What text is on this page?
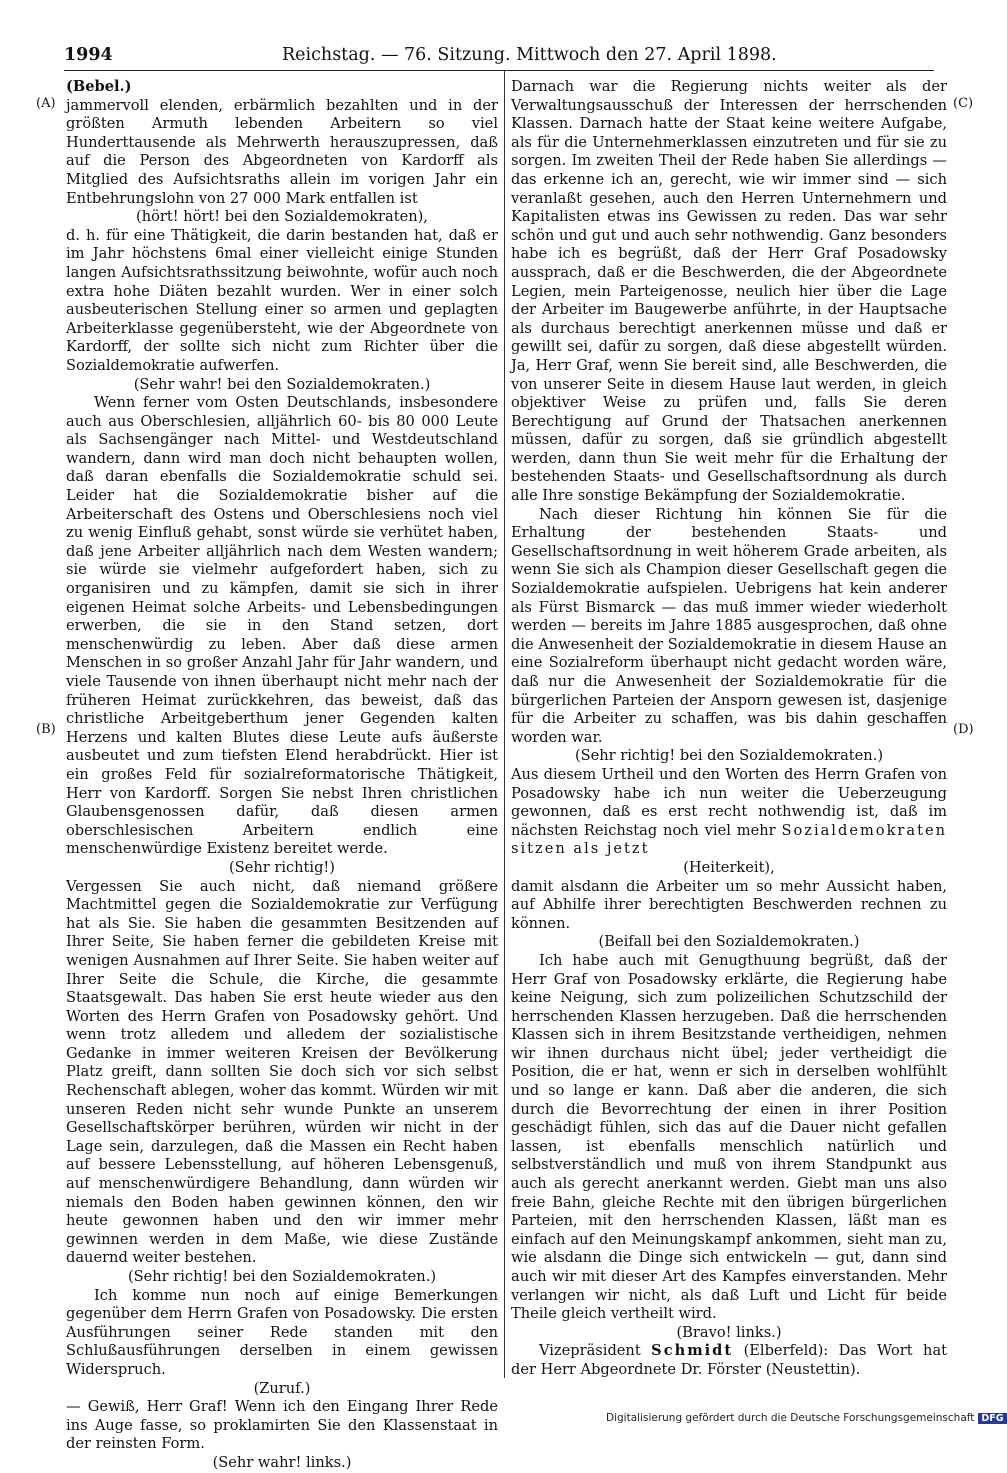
1994	Reichstag. — 76. Sitzung. Mittwoch den 27. April 1898.
(A)
(B)
(C)
(D)

(Bebel.)

jammervoll elenden, erbärmlich bezahlten und in der größten Armuth lebenden Arbeitern so viel Hunderttausende als Mehrwerth herauszupressen, daß auf die Person des Abgeordneten von Kardorff als Mitglied des Aufsichtsraths allein im vorigen Jahr ein Entbehrungslohn von 27 000 Mark entfallen ist

(hört! hört! bei den Sozialdemokraten),

d. h. für eine Thätigkeit, die darin bestanden hat, daß er im Jahr höchstens 6mal einer vielleicht einige Stunden langen Aufsichtsrathssitzung beiwohnte, wofür auch noch extra hohe Diäten bezahlt wurden. Wer in einer solch ausbeuterischen Stellung einer so armen und geplagten Arbeiterklasse gegenübersteht, wie der Abgeordnete von Kardorff, der sollte sich nicht zum Richter über die Sozialdemokratie aufwerfen.

(Sehr wahr! bei den Sozialdemokraten.)

Wenn ferner vom Osten Deutschlands, insbesondere auch aus Oberschlesien, alljährlich 60- bis 80 000 Leute als Sachsengänger nach Mittel- und Westdeutschland wandern, dann wird man doch nicht behaupten wollen, daß daran ebenfalls die Sozialdemokratie schuld sei. Leider hat die Sozialdemokratie bisher auf die Arbeiterschaft des Ostens und Oberschlesiens noch viel zu wenig Einfluß gehabt, sonst würde sie verhütet haben, daß jene Arbeiter alljährlich nach dem Westen wandern; sie würde sie vielmehr aufgefordert haben, sich zu organisiren und zu kämpfen, damit sie sich in ihrer eigenen Heimat solche Arbeits- und Lebensbedingungen erwerben, die sie in den Stand setzen, dort menschenwürdig zu leben. Aber daß diese armen Menschen in so großer Anzahl Jahr für Jahr wandern, und viele Tausende von ihnen überhaupt nicht mehr nach der früheren Heimat zurückkehren, das beweist, daß das christliche Arbeitgeberthum jener Gegenden kalten Herzens und kalten Blutes diese Leute aufs äußerste ausbeutet und zum tiefsten Elend herabdrückt. Hier ist ein großes Feld für sozialreformatorische Thätigkeit, Herr von Kardorff. Sorgen Sie nebst Ihren christlichen Glaubensgenossen dafür, daß diesen armen oberschlesischen Arbeitern endlich eine menschenwürdige Existenz bereitet werde.

(Sehr richtig!)

Vergessen Sie auch nicht, daß niemand größere Machtmittel gegen die Sozialdemokratie zur Verfügung hat als Sie. Sie haben die gesammten Besitzenden auf Ihrer Seite, Sie haben ferner die gebildeten Kreise mit wenigen Ausnahmen auf Ihrer Seite. Sie haben weiter auf Ihrer Seite die Schule, die Kirche, die gesammte Staatsgewalt. Das haben Sie erst heute wieder aus den Worten des Herrn Grafen von Posadowsky gehört. Und wenn trotz alledem und alledem der sozialistische Gedanke in immer weiteren Kreisen der Bevölkerung Platz greift, dann sollten Sie doch sich vor sich selbst Rechenschaft ablegen, woher das kommt. Würden wir mit unseren Reden nicht sehr wunde Punkte an unserem Gesellschaftskörper berühren, würden wir nicht in der Lage sein, darzulegen, daß die Massen ein Recht haben auf bessere Lebensstellung, auf höheren Lebensgenuß, auf menschenwürdigere Behandlung, dann würden wir niemals den Boden haben gewinnen können, den wir heute gewonnen haben und den wir immer mehr gewinnen werden in dem Maße, wie diese Zustände dauernd weiter bestehen.

(Sehr richtig! bei den Sozialdemokraten.)

Ich komme nun noch auf einige Bemerkungen gegenüber dem Herrn Grafen von Posadowsky. Die ersten Ausführungen seiner Rede standen mit den Schlußausführungen derselben in einem gewissen Widerspruch.

(Zuruf.)

— Gewiß, Herr Graf! Wenn ich den Eingang Ihrer Rede ins Auge fasse, so proklamirten Sie den Klassenstaat in der reinsten Form.

(Sehr wahr! links.)

Darnach war die Regierung nichts weiter als der Verwaltungsausschuß der Interessen der herrschenden Klassen. Darnach hatte der Staat keine weitere Aufgabe, als für die Unternehmerklassen einzutreten und für sie zu sorgen. Im zweiten Theil der Rede haben Sie allerdings — das erkenne ich an, gerecht, wie wir immer sind — sich veranlaßt gesehen, auch den Herren Unternehmern und Kapitalisten etwas ins Gewissen zu reden. Das war sehr schön und gut und auch sehr nothwendig. Ganz besonders habe ich es begrüßt, daß der Herr Graf Posadowsky aussprach, daß er die Beschwerden, die der Abgeordnete Legien, mein Parteigenosse, neulich hier über die Lage der Arbeiter im Baugewerbe anführte, in der Hauptsache als durchaus berechtigt anerkennen müsse und daß er gewillt sei, dafür zu sorgen, daß diese abgestellt würden. Ja, Herr Graf, wenn Sie bereit sind, alle Beschwerden, die von unserer Seite in diesem Hause laut werden, in gleich objektiver Weise zu prüfen und, falls Sie deren Berechtigung auf Grund der Thatsachen anerkennen müssen, dafür zu sorgen, daß sie gründlich abgestellt werden, dann thun Sie weit mehr für die Erhaltung der bestehenden Staats- und Gesellschaftsordnung als durch alle Ihre sonstige Bekämpfung der Sozialdemokratie.

Nach dieser Richtung hin können Sie für die Erhaltung der bestehenden Staats- und Gesellschaftsordnung in weit höherem Grade arbeiten, als wenn Sie sich als Champion dieser Gesellschaft gegen die Sozialdemokratie aufspielen. Uebrigens hat kein anderer als Fürst Bismarck — das muß immer wieder wiederholt werden — bereits im Jahre 1885 ausgesprochen, daß ohne die Anwesenheit der Sozialdemokratie in diesem Hause an eine Sozialreform überhaupt nicht gedacht worden wäre, daß nur die Anwesenheit der Sozialdemokratie für die bürgerlichen Parteien der Ansporn gewesen ist, dasjenige für die Arbeiter zu schaffen, was bis dahin geschaffen worden war.

(Sehr richtig! bei den Sozialdemokraten.)

Aus diesem Urtheil und den Worten des Herrn Grafen von Posadowsky habe ich nun weiter die Ueberzeugung gewonnen, daß es erst recht nothwendig ist, daß im nächsten Reichstag noch viel mehr Sozialdemokraten sitzen als jetzt

(Heiterkeit),

damit alsdann die Arbeiter um so mehr Aussicht haben, auf Abhilfe ihrer berechtigten Beschwerden rechnen zu können.

(Beifall bei den Sozialdemokraten.)

Ich habe auch mit Genugthuung begrüßt, daß der Herr Graf von Posadowsky erklärte, die Regierung habe keine Neigung, sich zum polizeilichen Schutzschild der herrschenden Klassen herzugeben. Daß die herrschenden Klassen sich in ihrem Besitzstande vertheidigen, nehmen wir ihnen durchaus nicht übel; jeder vertheidigt die Position, die er hat, wenn er sich in derselben wohlfühlt und so lange er kann. Daß aber die anderen, die sich durch die Bevorrechtung der einen in ihrer Position geschädigt fühlen, sich das auf die Dauer nicht gefallen lassen, ist ebenfalls menschlich natürlich und selbstverständlich und muß von ihrem Standpunkt aus auch als gerecht anerkannt werden. Giebt man uns also freie Bahn, gleiche Rechte mit den übrigen bürgerlichen Parteien, mit den herrschenden Klassen, läßt man es einfach auf den Meinungskampf ankommen, sieht man zu, wie alsdann die Dinge sich entwickeln — gut, dann sind auch wir mit dieser Art des Kampfes einverstanden. Mehr verlangen wir nicht, als daß Luft und Licht für beide Theile gleich vertheilt wird.

(Bravo! links.)

Vizepräsident Schmidt (Elberfeld): Das Wort hat der Herr Abgeordnete Dr. Förster (Neustettin).

Digitalisierung gefördert durch die Deutsche Forschungsgemeinschaft DFG
